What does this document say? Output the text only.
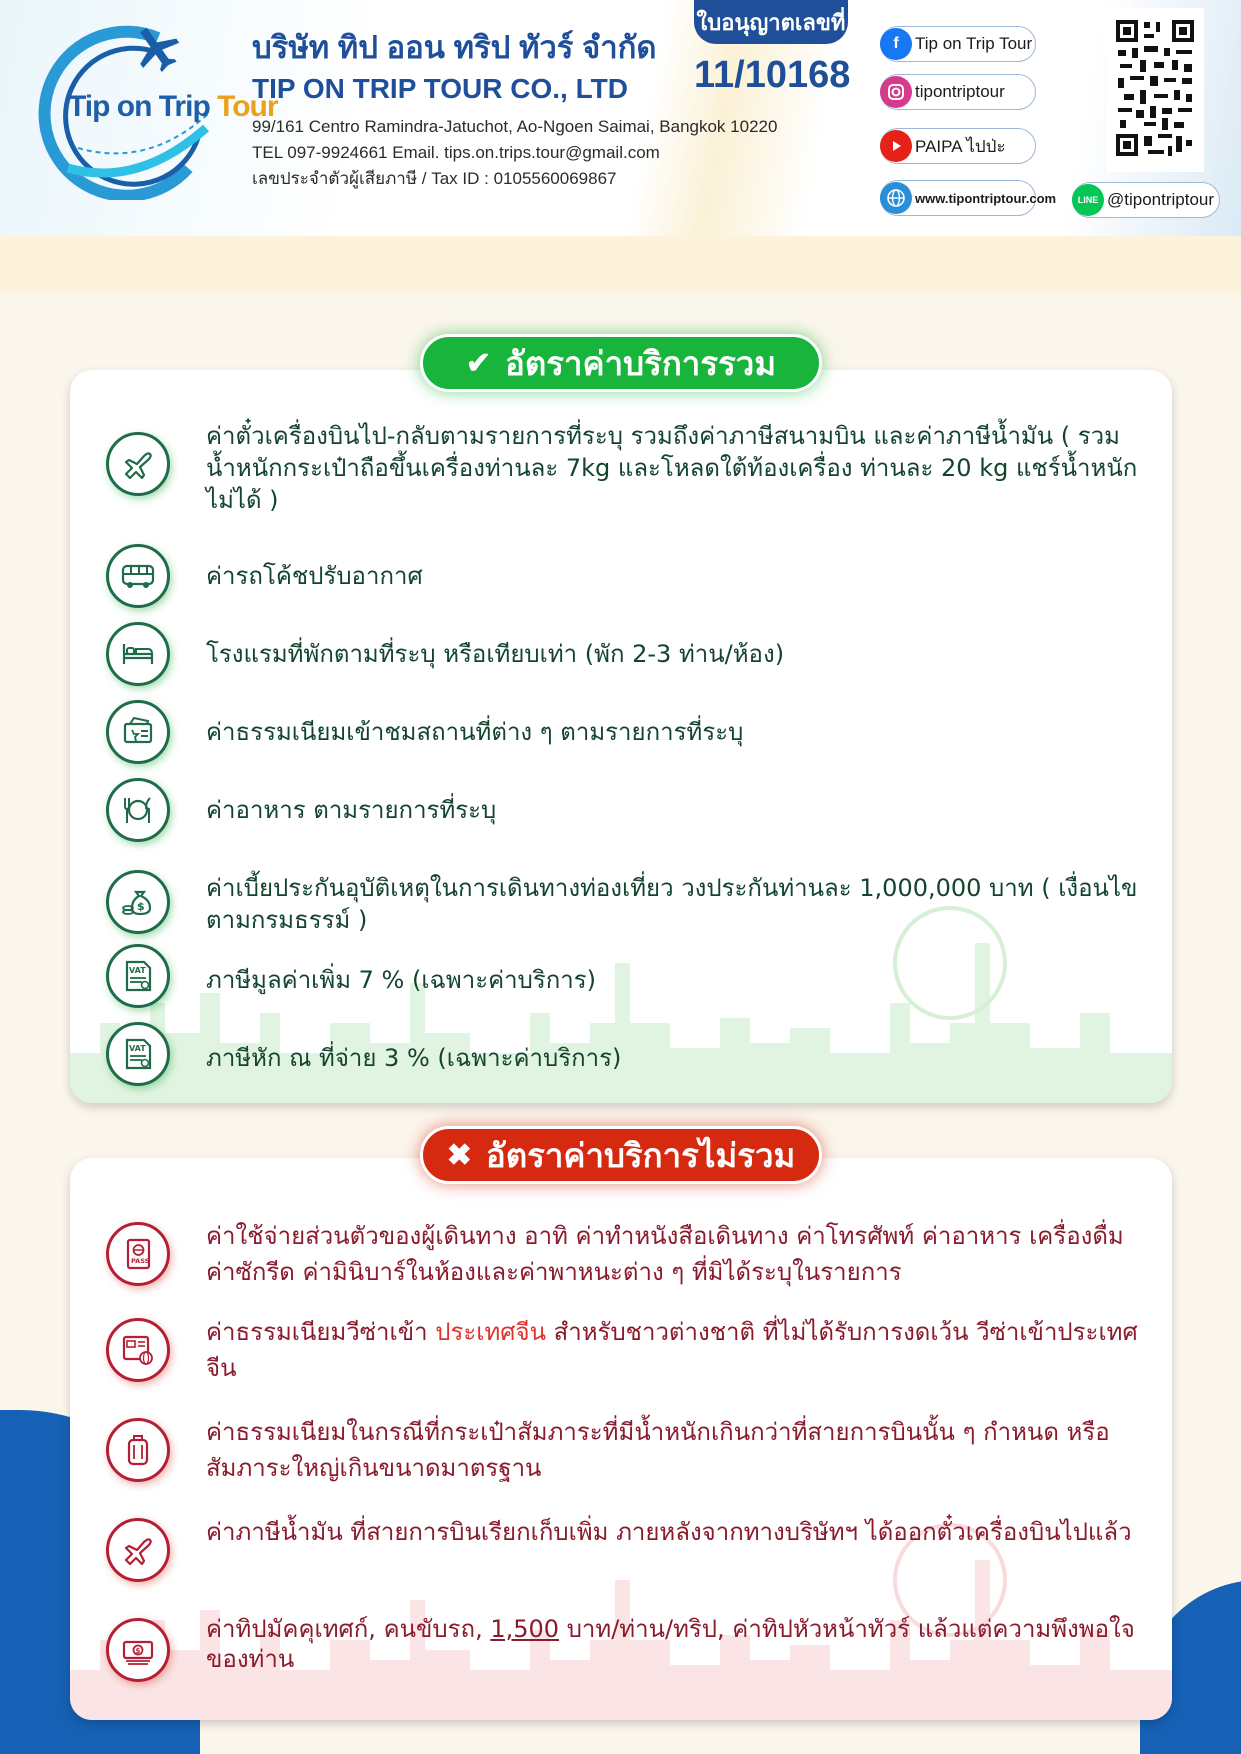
Tip on Trip Tour
บริษัท ทิป ออน ทริป ทัวร์ จำกัด
TIP ON TRIP TOUR CO., LTD
99/161 Centro Ramindra-Jatuchot, Ao-Ngoen Saimai, Bangkok 10220
TEL 097-9924661 Email. tips.on.trips.tour@gmail.com
เลขประจำตัวผู้เสียภาษี / Tax ID : 0105560069867
ใบอนุญาตเลขที่
11/10168
Tip on Trip Tour
f
tipontriptour
PAIPA ไปป่ะ
www.tipontriptour.com	@tipontriptour
LINE
ค่าตั๋วเครื่องบินไป-กลับตามรายการที่ระบุ รวมถึงค่าภาษีสนามบิน และค่าภาษีน้ำมัน ( รวมน้ำหนักกระเป๋าถือขึ้นเครื่องท่านละ 7kg และโหลดใต้ท้องเครื่อง ท่านละ 20 kg แชร์น้ำหนักไม่ได้ )
ค่ารถโค้ชปรับอากาศ
โรงแรมที่พักตามที่ระบุ หรือเทียบเท่า (พัก 2-3 ท่าน/ห้อง)
ค่าธรรมเนียมเข้าชมสถานที่ต่าง ๆ ตามรายการที่ระบุ
ค่าอาหาร ตามรายการที่ระบุ
$
ค่าเบี้ยประกันอุบัติเหตุในการเดินทางท่องเที่ยว วงประกันท่านละ 1,000,000 บาท ( เงื่อนไขตามกรมธรรม์ )
VAT	ภาษีมูลค่าเพิ่ม 7 % (เฉพาะค่าบริการ)
VAT	ภาษีหัก ณ ที่จ่าย 3 % (เฉพาะค่าบริการ)
✔ อัตราค่าบริการรวม
PASS
ค่าใช้จ่ายส่วนตัวของผู้เดินทาง อาทิ ค่าทำหนังสือเดินทาง ค่าโทรศัพท์ ค่าอาหาร เครื่องดื่ม ค่าซักรีด ค่ามินิบาร์ในห้องและค่าพาหนะต่าง ๆ ที่มิได้ระบุในรายการ
ค่าธรรมเนียมวีซ่าเข้า ประเทศจีน สำหรับชาวต่างชาติ ที่ไม่ได้รับการงดเว้น วีซ่าเข้าประเทศจีน
ค่าธรรมเนียมในกรณีที่กระเป๋าสัมภาระที่มีน้ำหนักเกินกว่าที่สายการบินนั้น ๆ กำหนด หรือสัมภาระใหญ่เกินขนาดมาตรฐาน
ค่าภาษีน้ำมัน ที่สายการบินเรียกเก็บเพิ่ม ภายหลังจากทางบริษัทฯ ได้ออกตั๋วเครื่องบินไปแล้ว
$
ค่าทิปมัคคุเทศก์, คนขับรถ, 1,500 บาท/ท่าน/ทริป, ค่าทิปหัวหน้าทัวร์ แล้วแต่ความพึงพอใจของท่าน
✖ อัตราค่าบริการไม่รวม
